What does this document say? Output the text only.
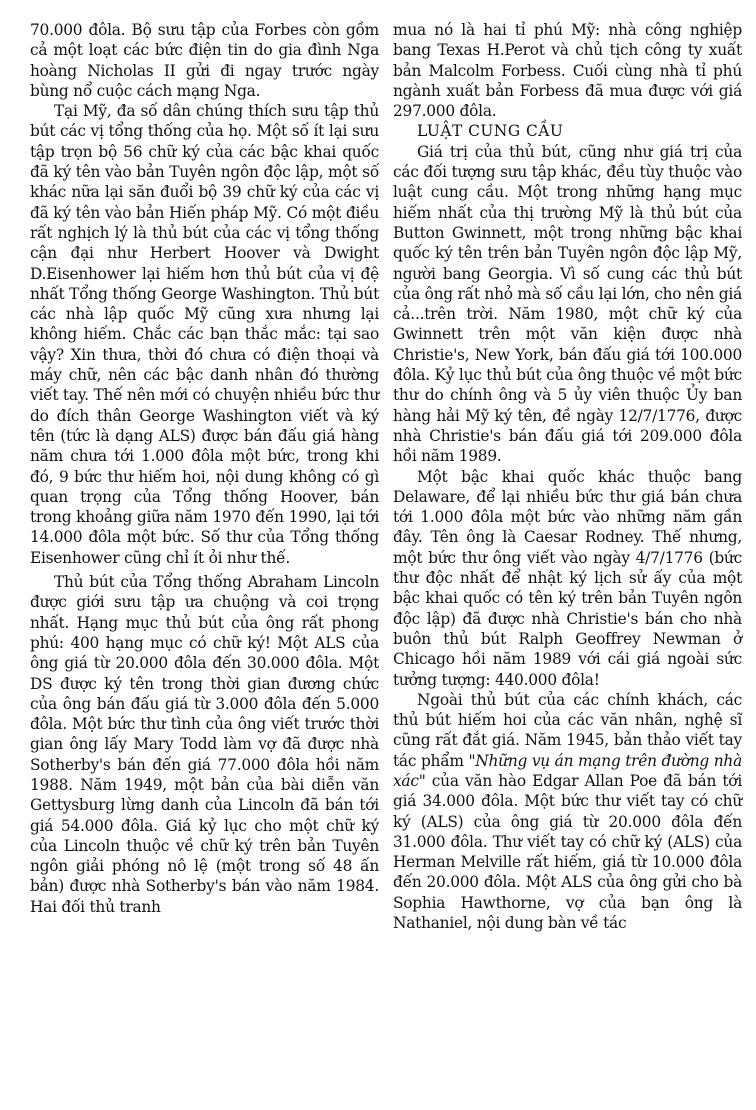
70.000 đôla. Bộ sưu tập của Forbes còn gồm cả một loạt các bức điện tin do gia đình Nga hoàng Nicholas II gửi đi ngay trước ngày bùng nổ cuộc cách mạng Nga.

Tại Mỹ, đa số dân chúng thích sưu tập thủ bút các vị tổng thống của họ. Một số ít lại sưu tập trọn bộ 56 chữ ký của các bậc khai quốc đã ký tên vào bản Tuyên ngôn độc lập, một số khác nữa lại săn đuổi bộ 39 chữ ký của các vị đã ký tên vào bản Hiến pháp Mỹ. Có một điều rất nghịch lý là thủ bút của các vị tổng thống cận đại như Herbert Hoover và Dwight D.Eisenhower lại hiếm hơn thủ bút của vị đệ nhất Tổng thống George Washington. Thủ bút các nhà lập quốc Mỹ cũng xưa nhưng lại không hiếm. Chắc các bạn thắc mắc: tại sao vậy? Xin thưa, thời đó chưa có điện thoại và máy chữ, nên các bậc danh nhân đó thường viết tay. Thế nên mới có chuyện nhiều bức thư do đích thân George Washington viết và ký tên (tức là dạng ALS) được bán đấu giá hàng năm chưa tới 1.000 đôla một bức, trong khi đó, 9 bức thư hiếm hoi, nội dung không có gì quan trọng của Tổng thống Hoover, bán trong khoảng giữa năm 1970 đến 1990, lại tới 14.000 đôla một bức. Số thư của Tổng thống Eisenhower cũng chỉ ít ỏi như thế.

Thủ bút của Tổng thống Abraham Lincoln được giới sưu tập ưa chuộng và coi trọng nhất. Hạng mục thủ bút của ông rất phong phú: 400 hạng mục có chữ ký! Một ALS của ông giá từ 20.000 đôla đến 30.000 đôla. Một DS được ký tên trong thời gian đương chức của ông bán đấu giá từ 3.000 đôla đến 5.000 đôla. Một bức thư tình của ông viết trước thời gian ông lấy Mary Todd làm vợ đã được nhà Sotherby's bán đến giá 77.000 đôla hồi năm 1988. Năm 1949, một bản của bài diễn văn Gettysburg lừng danh của Lincoln đã bán tới giá 54.000 đôla. Giá kỷ lục cho một chữ ký của Lincoln thuộc về chữ ký trên bản Tuyên ngôn giải phóng nô lệ (một trong số 48 ấn bản) được nhà Sotherby's bán vào năm 1984. Hai đối thủ tranh

mua nó là hai tỉ phú Mỹ: nhà công nghiệp bang Texas H.Perot và chủ tịch công ty xuất bản Malcolm Forbess. Cuối cùng nhà tỉ phú ngành xuất bản Forbess đã mua được với giá 297.000 đôla.

LUẬT CUNG CẦU

Giá trị của thủ bút, cũng như giá trị của các đối tượng sưu tập khác, đều tùy thuộc vào luật cung cầu. Một trong những hạng mục hiếm nhất của thị trường Mỹ là thủ bút của Button Gwinnett, một trong những bậc khai quốc ký tên trên bản Tuyên ngôn độc lập Mỹ, người bang Georgia. Vì số cung các thủ bút của ông rất nhỏ mà số cầu lại lớn, cho nên giá cả...trên trời. Năm 1980, một chữ ký của Gwinnett trên một văn kiện được nhà Christie's, New York, bán đấu giá tới 100.000 đôla. Kỷ lục thủ bút của ông thuộc về một bức thư do chính ông và 5 ủy viên thuộc Ủy ban hàng hải Mỹ ký tên, đề ngày 12/7/1776, được nhà Christie's bán đấu giá tới 209.000 đôla hồi năm 1989.

Một bậc khai quốc khác thuộc bang Delaware, để lại nhiều bức thư giá bán chưa tới 1.000 đôla một bức vào những năm gần đây. Tên ông là Caesar Rodney. Thế nhưng, một bức thư ông viết vào ngày 4/7/1776 (bức thư độc nhất để nhật ký lịch sử ấy của một bậc khai quốc có tên ký trên bản Tuyên ngôn độc lập) đã được nhà Christie's bán cho nhà buôn thủ bút Ralph Geoffrey Newman ở Chicago hồi năm 1989 với cái giá ngoài sức tưởng tượng: 440.000 đôla!

Ngoài thủ bút của các chính khách, các thủ bút hiếm hoi của các văn nhân, nghệ sĩ cũng rất đắt giá. Năm 1945, bản thảo viết tay tác phẩm "Những vụ án mạng trên đường nhà xác" của văn hào Edgar Allan Poe đã bán tới giá 34.000 đôla. Một bức thư viết tay có chữ ký (ALS) của ông giá từ 20.000 đôla đến 31.000 đôla. Thư viết tay có chữ ký (ALS) của Herman Melville rất hiếm, giá từ 10.000 đôla đến 20.000 đôla. Một ALS của ông gửi cho bà Sophia Hawthorne, vợ của bạn ông là Nathaniel, nội dung bàn về tác
